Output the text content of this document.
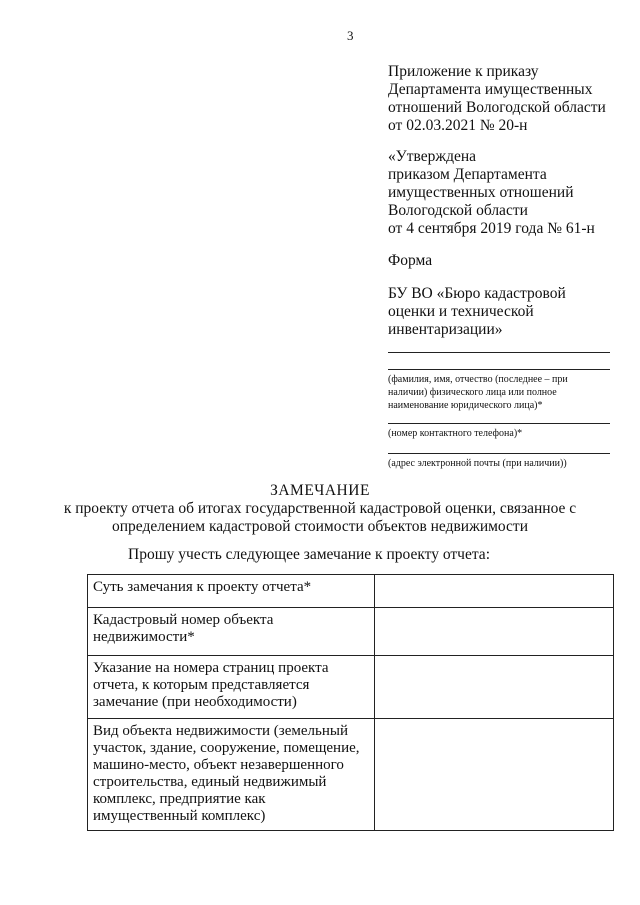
3
Приложение к приказу
Департамента имущественных
отношений Вологодской области
от 02.03.2021 № 20-н
«Утверждена
приказом Департамента
имущественных отношений
Вологодской области
от 4 сентября 2019 года № 61-н
Форма
БУ ВО «Бюро кадастровой
оценки и технической
инвентаризации»
(фамилия, имя, отчество (последнее – при
наличии) физического лица или полное
наименование юридического лица)*
(номер контактного телефона)*
(адрес электронной почты (при наличии))
ЗАМЕЧАНИЕ
к проекту отчета об итогах государственной кадастровой оценки, связанное с
определением кадастровой стоимости объектов недвижимости
Прошу учесть следующее замечание к проекту отчета:
Суть замечания к проекту отчета*	
Кадастровый номер объекта недвижимости*	
Указание на номера страниц проекта отчета, к которым представляется замечание (при необходимости)	
Вид объекта недвижимости (земельный участок, здание, сооружение, помещение, машино-место, объект незавершенного строительства, единый недвижимый комплекс, предприятие как имущественный комплекс)	
